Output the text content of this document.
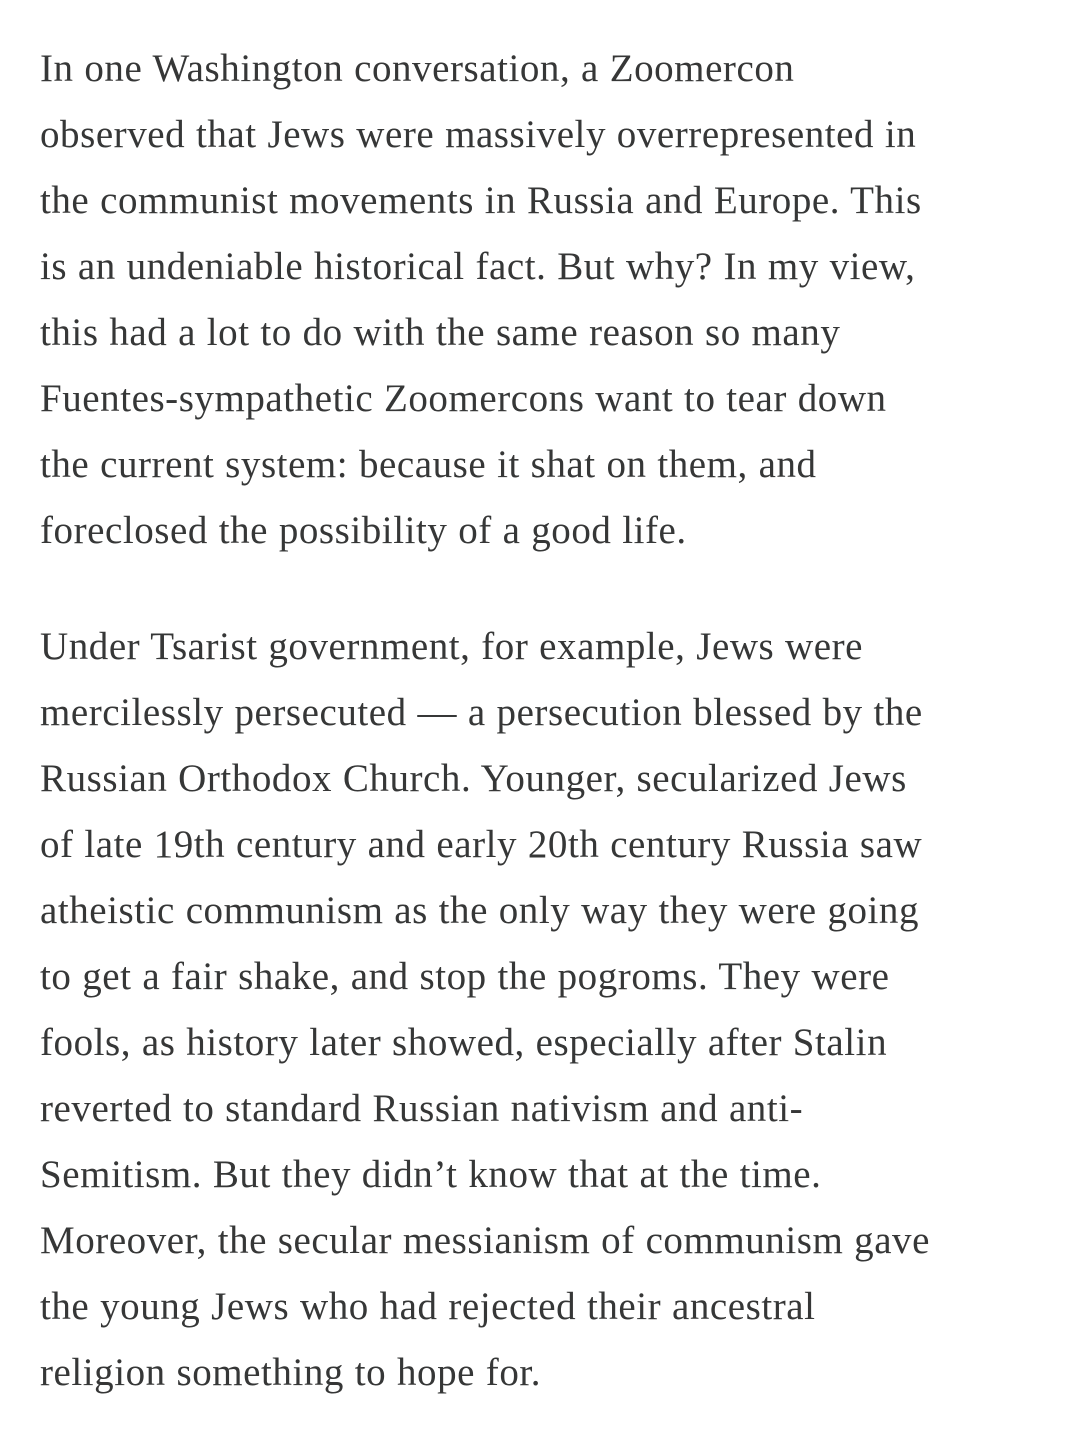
In one Washington conversation, a Zoomercon
observed that Jews were massively overrepresented in
the communist movements in Russia and Europe. This
is an undeniable historical fact. But why? In my view,
this had a lot to do with the same reason so many
Fuentes-sympathetic Zoomercons want to tear down
the current system: because it shat on them, and
foreclosed the possibility of a good life.

Under Tsarist government, for example, Jews were
mercilessly persecuted — a persecution blessed by the
Russian Orthodox Church. Younger, secularized Jews
of late 19th century and early 20th century Russia saw
atheistic communism as the only way they were going
to get a fair shake, and stop the pogroms. They were
fools, as history later showed, especially after Stalin
reverted to standard Russian nativism and anti-
Semitism. But they didn’t know that at the time.
Moreover, the secular messianism of communism gave
the young Jews who had rejected their ancestral
religion something to hope for.
